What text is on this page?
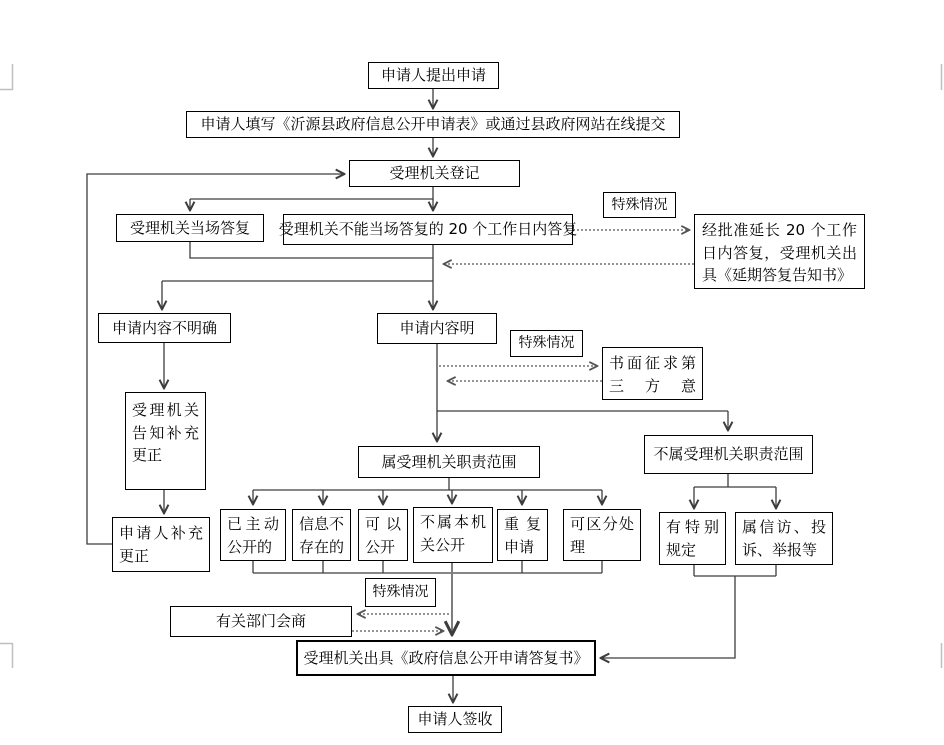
申请人提出申请
申请人填写《沂源县政府信息公开申请表》或通过县政府网站在线提交
受理机关登记
受理机关当场答复	受理机关不能当场答复的 20 个工作日内答复
特殊情况
经批准延长 20 个工作日内答复，受理机关出具《延期答复告知书》
申请内容不明确	申请内容明
特殊情况
书面征求第三方意
受理机关告知补充更正
申请人补充更正
属受理机关职责范围	不属受理机关职责范围
已主动公开的
信息不存在的
可以公开
不属本机关公开
重复申请
可区分处理
有特别规定
属信访、投诉、举报等
特殊情况
有关部门会商
受理机关出具《政府信息公开申请答复书》
申请人签收
